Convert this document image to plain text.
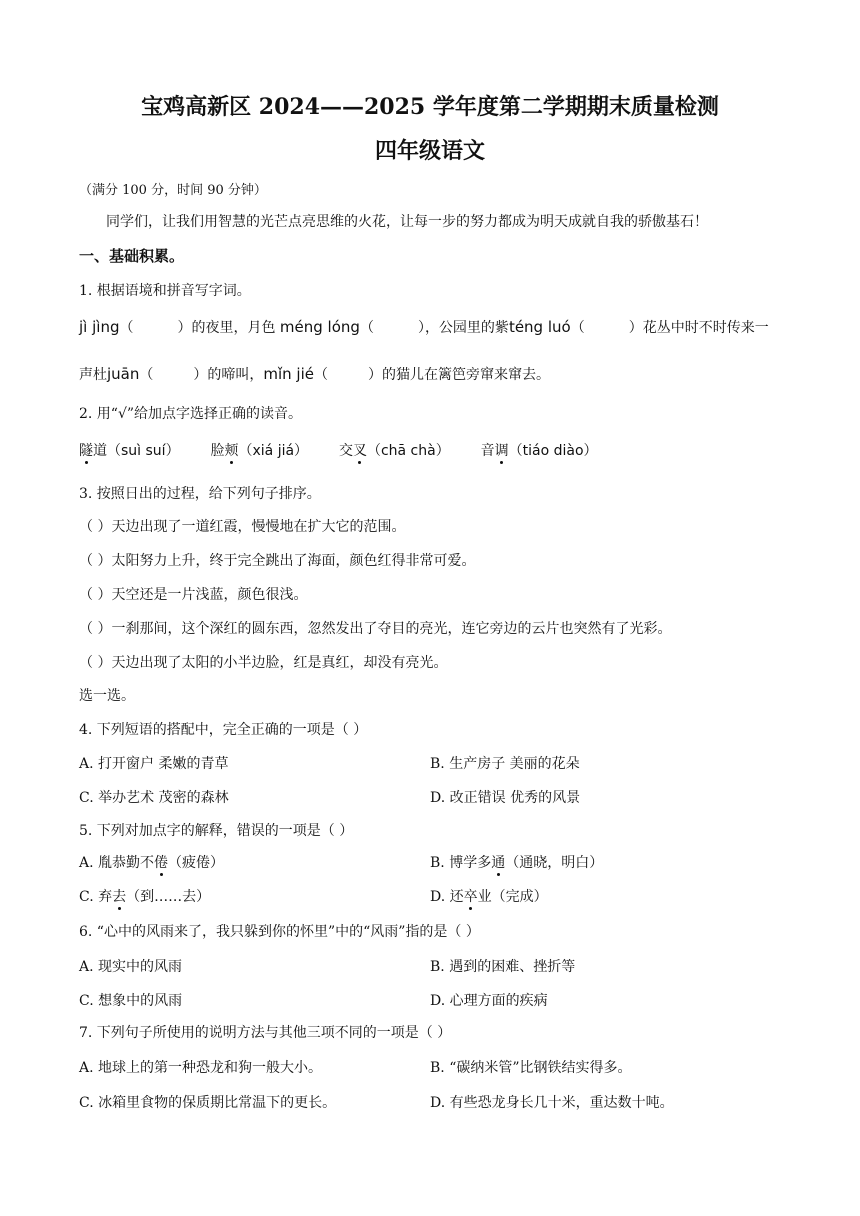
宝鸡高新区 2024——2025 学年度第二学期期末质量检测
四年级语文
（满分 100 分，时间 90 分钟）
同学们，让我们用智慧的光芒点亮思维的火花，让每一步的努力都成为明天成就自我的骄傲基石！
一、基础积累。
1. 根据语境和拼音写字词。
jì jìng（	）的夜里，月色 méng lóng（	），公园里的紫téng luó（	）花丛中时不时传来一
声杜juān（	）的啼叫，mǐn jié（	）的猫儿在篱笆旁窜来窜去。
2. 用“√”给加点字选择正确的读音。
隧道（suì suí） 脸颊（xiá jiá） 交叉（chā chà） 音调（tiáo diào）
3. 按照日出的过程，给下列句子排序。
（ ）天边出现了一道红霞，慢慢地在扩大它的范围。
（ ）太阳努力上升，终于完全跳出了海面，颜色红得非常可爱。
（ ）天空还是一片浅蓝，颜色很浅。
（ ）一刹那间，这个深红的圆东西，忽然发出了夺目的亮光，连它旁边的云片也突然有了光彩。
（ ）天边出现了太阳的小半边脸，红是真红，却没有亮光。
选一选。
4. 下列短语的搭配中，完全正确的一项是（ ）
A. 打开窗户 柔嫩的青草	B. 生产房子 美丽的花朵
C. 举办艺术 茂密的森林	D. 改正错误 优秀的风景
5. 下列对加点字的解释，错误的一项是（ ）
A. 胤恭勤不倦（疲倦）	B. 博学多通（通晓，明白）
C. 弃去（到……去）	D. 还卒业（完成）
6. “心中的风雨来了，我只躲到你的怀里”中的“风雨”指的是（ ）
A. 现实中的风雨	B. 遇到的困难、挫折等
C. 想象中的风雨	D. 心理方面的疾病
7. 下列句子所使用的说明方法与其他三项不同的一项是（ ）
A. 地球上的第一种恐龙和狗一般大小。	B. “碳纳米管”比钢铁结实得多。
C. 冰箱里食物的保质期比常温下的更长。	D. 有些恐龙身长几十米，重达数十吨。
